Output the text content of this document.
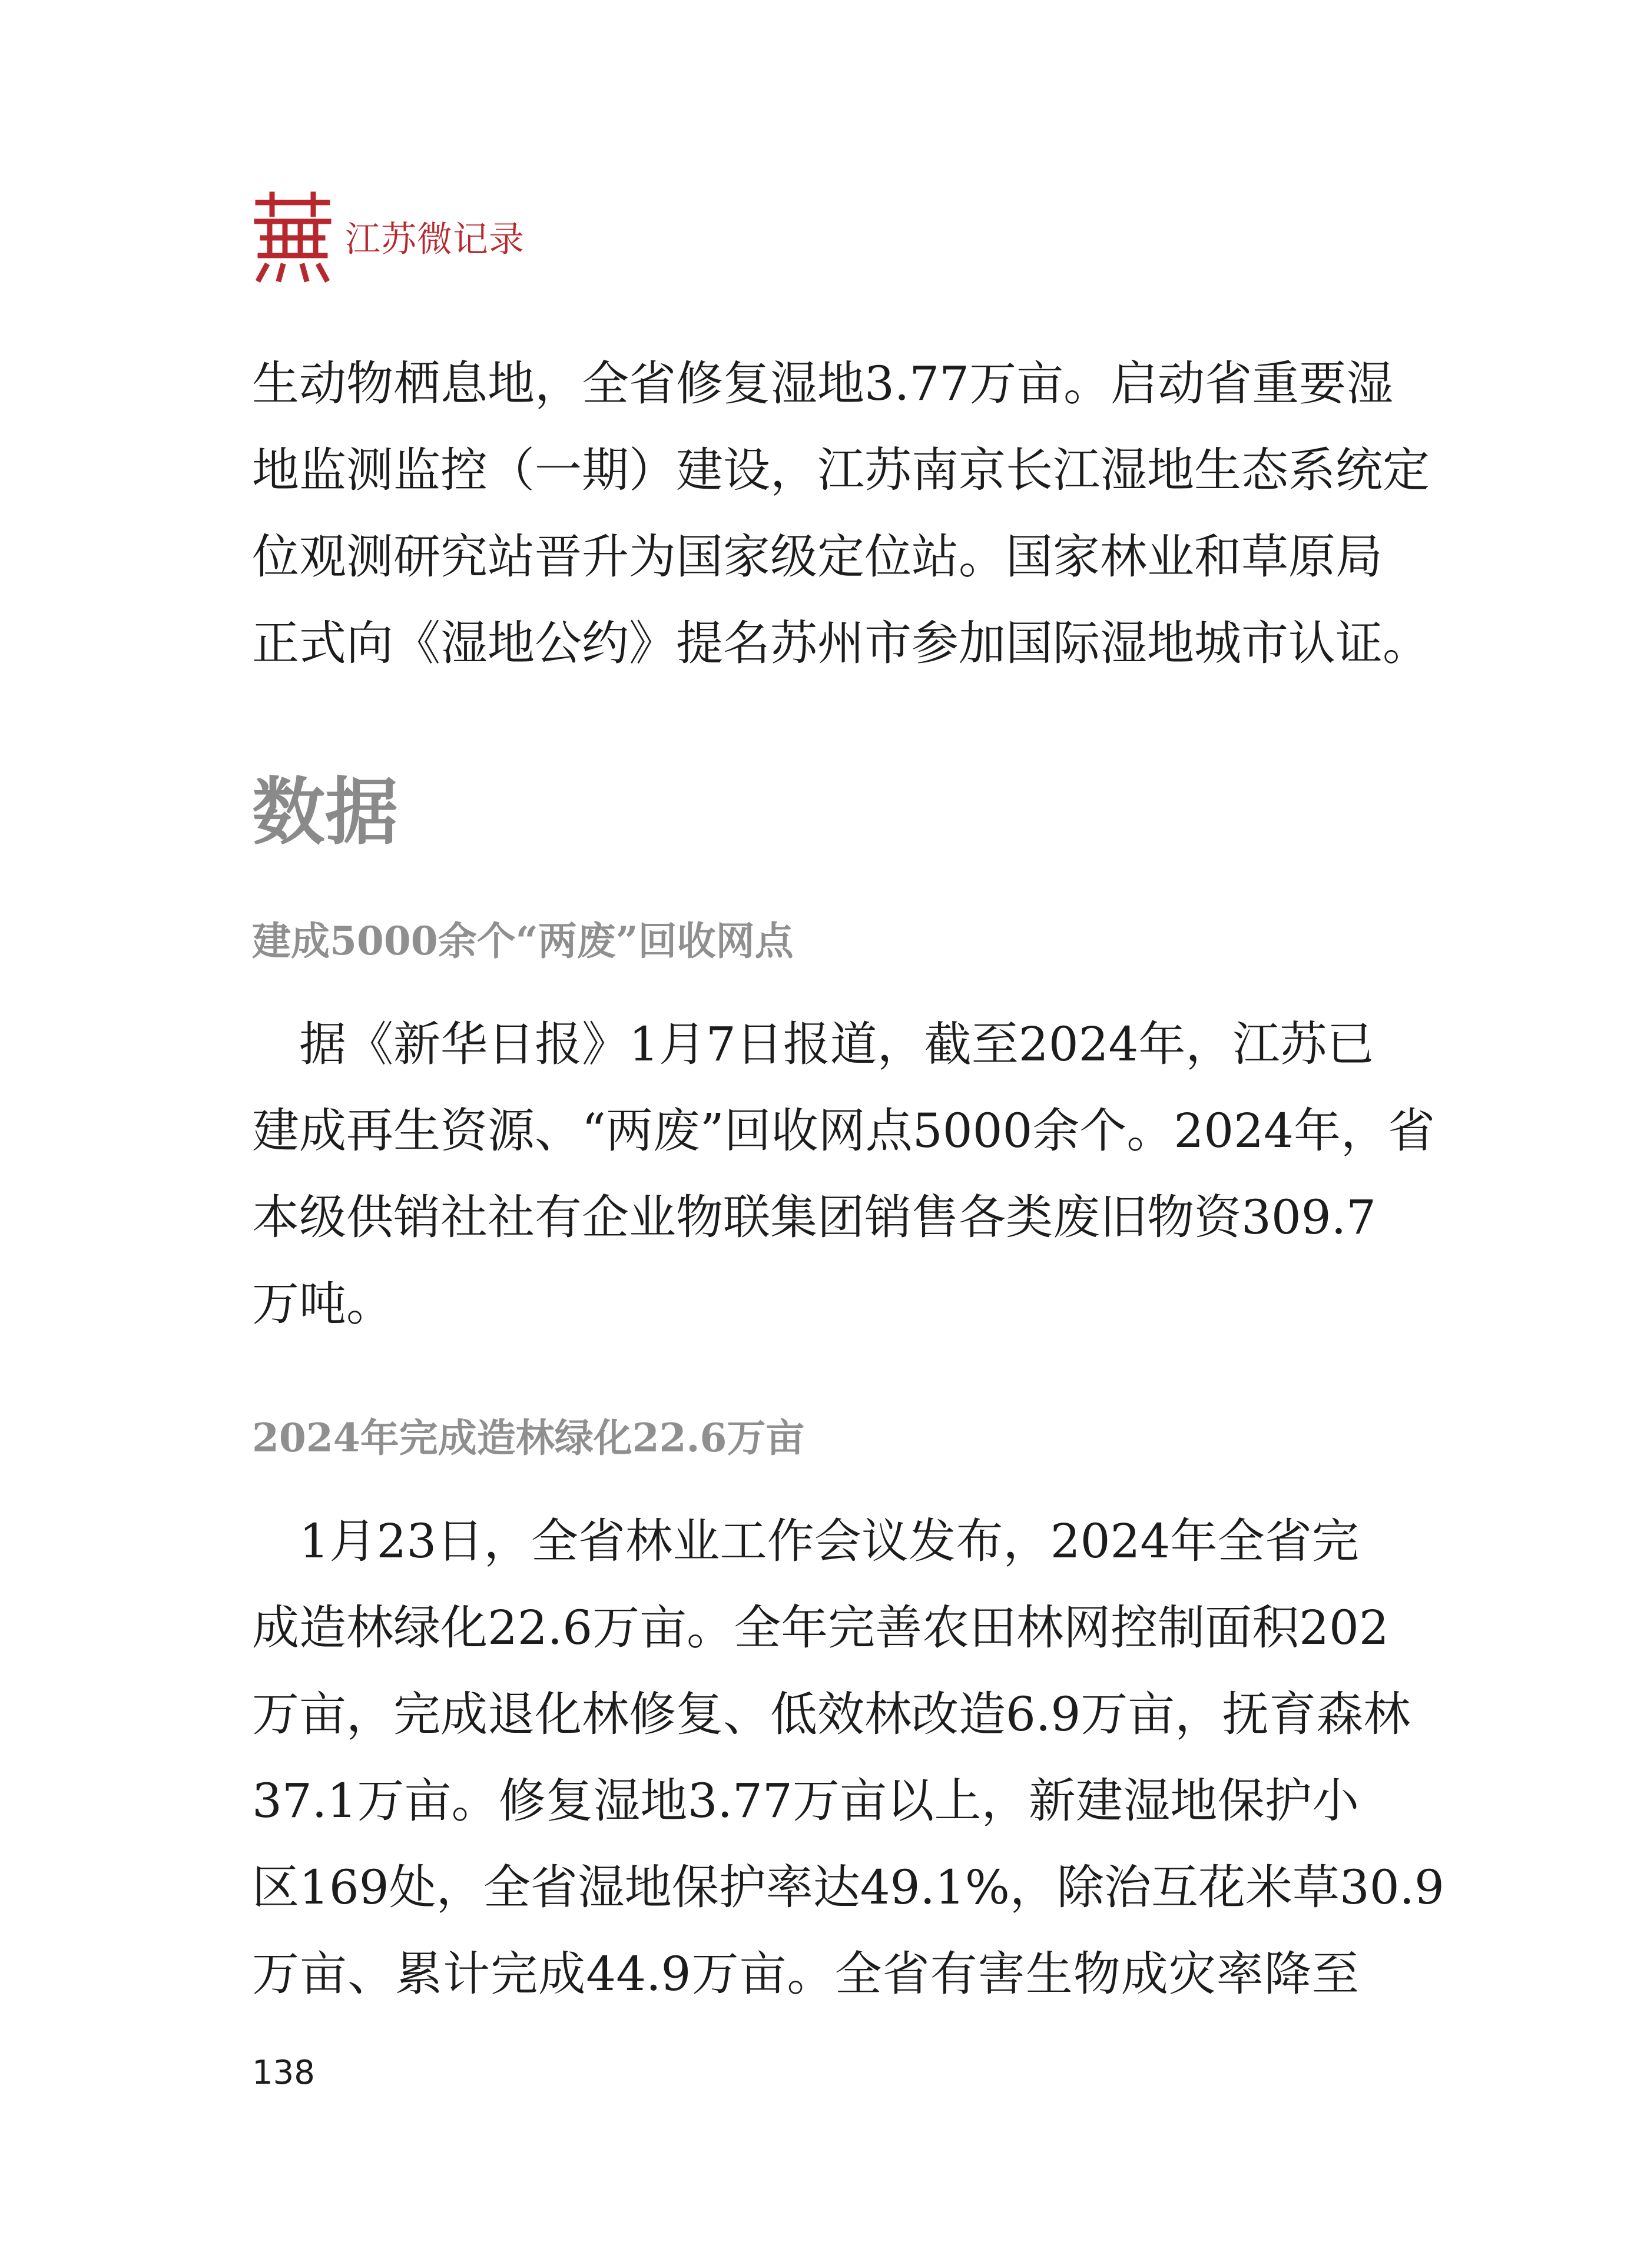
江苏微记录
生动物栖息地，全省修复湿地3.77万亩。启动省重要湿
地监测监控（一期）建设，江苏南京长江湿地生态系统定
位观测研究站晋升为国家级定位站。国家林业和草原局
正式向《湿地公约》提名苏州市参加国际湿地城市认证。
数据
建成5000余个“两废”回收网点
　据《新华日报》1月7日报道，截至2024年，江苏已
建成再生资源、“两废”回收网点5000余个。2024年，省
本级供销社社有企业物联集团销售各类废旧物资309.7
万吨。
2024年完成造林绿化22.6万亩
　1月23日，全省林业工作会议发布，2024年全省完
成造林绿化22.6万亩。全年完善农田林网控制面积202
万亩，完成退化林修复、低效林改造6.9万亩，抚育森林
37.1万亩。修复湿地3.77万亩以上，新建湿地保护小
区169处，全省湿地保护率达49.1%，除治互花米草30.9
万亩、累计完成44.9万亩。全省有害生物成灾率降至
138
